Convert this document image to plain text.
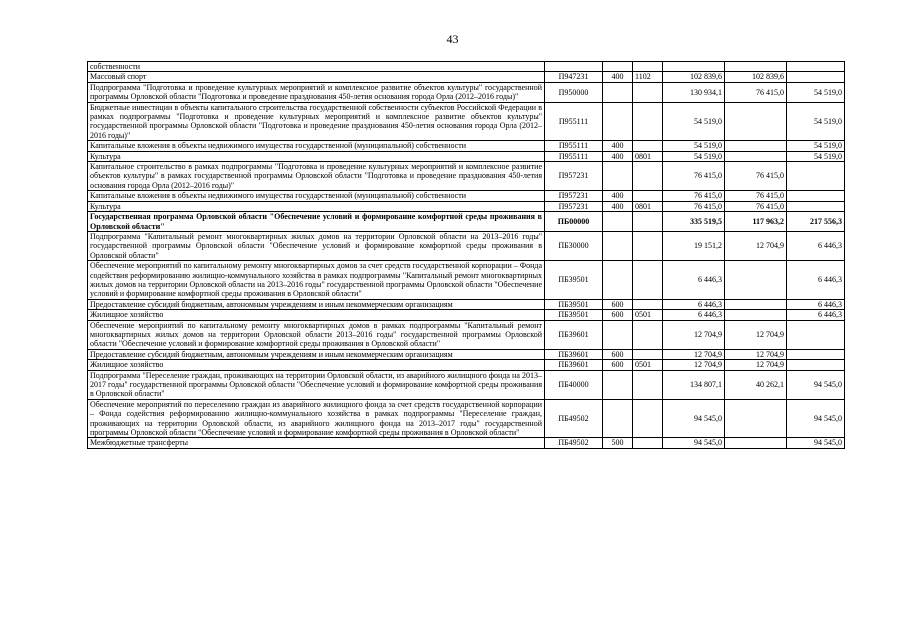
43
собственности						
Массовый спорт	П947231	400	1102	102 839,6	102 839,6	
Подпрограмма "Подготовка и проведение культурных мероприятий и комплексное развитие объектов культуры" государственной программы Орловской области "Подготовка и проведение празднования 450-летия основания города Орла (2012–2016 годы)"	П950000			130 934,1	76 415,0	54 519,0
Бюджетные инвестиции в объекты капитального строительства государственной собственности субъектов Российской Федерации в рамках подпрограммы "Подготовка и проведение культурных мероприятий и комплексное развитие объектов культуры" государственной программы Орловской области "Подготовка и проведение празднования 450-летия основания города Орла (2012–2016 годы)"	П955111			54 519,0		54 519,0
Капитальные вложения в объекты недвижимого имущества государственной (муниципальной) собственности	П955111	400		54 519,0		54 519,0
Культура	П955111	400	0801	54 519,0		54 519,0
Капитальное строительство в рамках подпрограммы "Подготовка и проведение культурных мероприятий и комплексное развитие объектов культуры" в рамках государственной программы Орловской области "Подготовка и проведение празднования 450-летия основания города Орла (2012–2016 годы)"	П957231			76 415,0	76 415,0	
Капитальные вложения в объекты недвижимого имущества государственной (муниципальной) собственности	П957231	400		76 415,0	76 415,0	
Культура	П957231	400	0801	76 415,0	76 415,0	
Государственная программа Орловской области "Обеспечение условий и формирование комфортной среды проживания в Орловской области"	ПБ00000			335 519,5	117 963,2	217 556,3
Подпрограмма "Капитальный ремонт многоквартирных жилых домов на территории Орловской области на 2013–2016 годы" государственной программы Орловской области "Обеспечение условий и формирование комфортной среды проживания в Орловской области"	ПБ30000			19 151,2	12 704,9	6 446,3
Обеспечение мероприятий по капитальному ремонту многоквартирных домов за счет средств государственной корпорации – Фонда содействия реформированию жилищно-коммунального хозяйства в рамках подпрограммы "Капитальный ремонт многоквартирных жилых домов на территории Орловской области на 2013–2016 годы" государственной программы Орловской области "Обеспечение условий и формирование комфортной среды проживания в Орловской области"	ПБ39501			6 446,3		6 446,3
Предоставление субсидий бюджетным, автономным учреждениям и иным некоммерческим организациям	ПБ39501	600		6 446,3		6 446,3
Жилищное хозяйство	ПБ39501	600	0501	6 446,3		6 446,3
Обеспечение мероприятий по капитальному ремонту многоквартирных домов в рамках подпрограммы "Капитальный ремонт многоквартирных жилых домов на территории Орловской области 2013–2016 годы" государственной программы Орловской области "Обеспечение условий и формирование комфортной среды проживания в Орловской области"	ПБ39601			12 704,9	12 704,9	
Предоставление субсидий бюджетным, автономным учреждениям и иным некоммерческим организациям	ПБ39601	600		12 704,9	12 704,9	
Жилищное хозяйство	ПБ39601	600	0501	12 704,9	12 704,9	
Подпрограмма "Переселение граждан, проживающих на территории Орловской области, из аварийного жилищного фонда на 2013–2017 годы" государственной программы Орловской области "Обеспечение условий и формирование комфортной среды проживания в Орловской области"	ПБ40000			134 807,1	40 262,1	94 545,0
Обеспечение мероприятий по переселению граждан из аварийного жилищного фонда за счет средств государственной корпорации – Фонда содействия реформированию жилищно-коммунального хозяйства в рамках подпрограммы "Переселение граждан, проживающих на территории Орловской области, из аварийного жилищного фонда на 2013–2017 годы" государственной программы Орловской области "Обеспечение условий и формирование комфортной среды проживания в Орловской области"	ПБ49502			94 545,0		94 545,0
Межбюджетные трансферты	ПБ49502	500		94 545,0		94 545,0
